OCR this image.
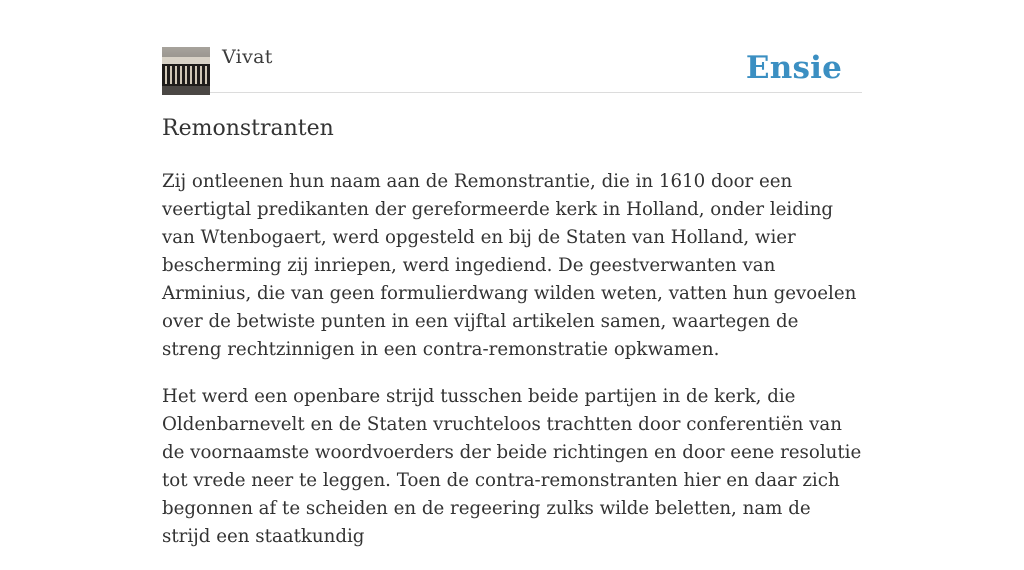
Vivat	Ensie
Remonstranten

Zij ontleenen hun naam aan de Remonstrantie, die in 1610 door een veertigtal predikanten der gereformeerde kerk in Holland, onder leiding van Wtenbogaert, werd opgesteld en bij de Staten van Holland, wier bescherming zij inriepen, werd ingediend. De geestverwanten van Arminius, die van geen formulierdwang wilden weten, vatten hun gevoelen over de betwiste punten in een vijftal artikelen samen, waartegen de streng rechtzinnigen in een contra-remonstratie opkwamen.

Het werd een openbare strijd tusschen beide partijen in de kerk, die Oldenbarnevelt en de Staten vruchteloos trachtten door conferentiën van de voornaamste woordvoerders der beide richtingen en door eene resolutie tot vrede neer te leggen. Toen de contra-remonstranten hier en daar zich begonnen af te scheiden en de regeering zulks wilde beletten, nam de strijd een staatkundig
